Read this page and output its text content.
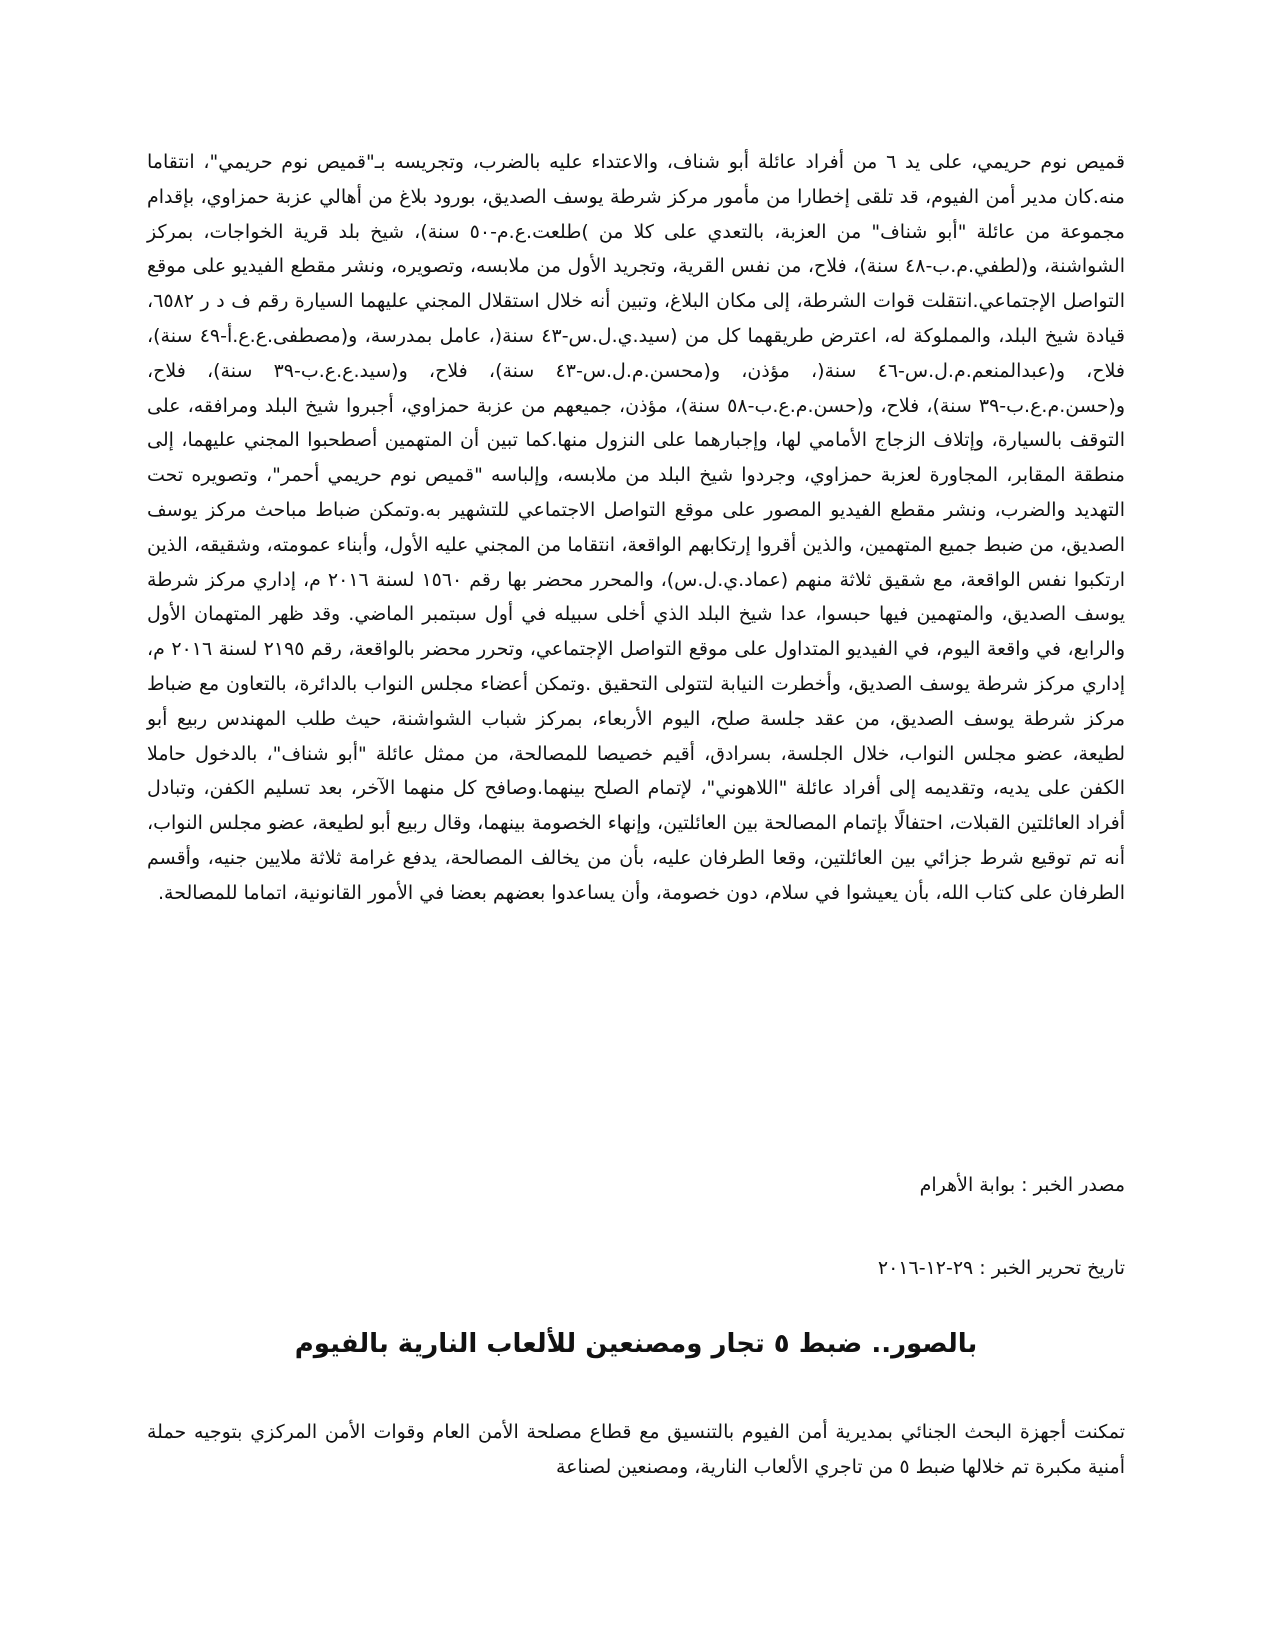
قميص نوم حريمي، على يد ٦ من أفراد عائلة أبو شناف، والاعتداء عليه بالضرب، وتجريسه بـ"قميص نوم حريمي"، انتقاما منه.كان مدير أمن الفيوم، قد تلقى إخطارا من مأمور مركز شرطة يوسف الصديق، بورود بلاغ من أهالي عزبة حمزاوي، بإقدام مجموعة من عائلة "أبو شناف" من العزبة، بالتعدي على كلا من )طلعت.ع.م-٥٠ سنة)، شيخ بلد قرية الخواجات، بمركز الشواشنة، و(لطفي.م.ب-٤٨ سنة)، فلاح، من نفس القرية، وتجريد الأول من ملابسه، وتصويره، ونشر مقطع الفيديو على موقع التواصل الإجتماعي.انتقلت قوات الشرطة، إلى مكان البلاغ، وتبين أنه خلال استقلال المجني عليهما السيارة رقم ف د ر ٦٥٨٢، قيادة شيخ البلد، والمملوكة له، اعترض طريقهما كل من (سيد.ي.ل.س-٤٣ سنة(، عامل بمدرسة، و(مصطفى.ع.ع.أ-٤٩ سنة)، فلاح، و(عبدالمنعم.م.ل.س-٤٦ سنة(، مؤذن، و(محسن.م.ل.س-٤٣ سنة)، فلاح، و(سيد.ع.ع.ب-٣٩ سنة)، فلاح، و(حسن.م.ع.ب-٣٩ سنة)، فلاح، و(حسن.م.ع.ب-٥٨ سنة)، مؤذن، جميعهم من عزبة حمزاوي، أجبروا شيخ البلد ومرافقه، على التوقف بالسيارة، وإتلاف الزجاج الأمامي لها، وإجبارهما على النزول منها.كما تبين أن المتهمين أصطحبوا المجني عليهما، إلى منطقة المقابر، المجاورة لعزبة حمزاوي، وجردوا شيخ البلد من ملابسه، وإلباسه "قميص نوم حريمي أحمر"، وتصويره تحت التهديد والضرب، ونشر مقطع الفيديو المصور على موقع التواصل الاجتماعي للتشهير به.وتمكن ضباط مباحث مركز يوسف الصديق، من ضبط جميع المتهمين، والذين أقروا إرتكابهم الواقعة، انتقاما من المجني عليه الأول، وأبناء عمومته، وشقيقه، الذين ارتكبوا نفس الواقعة، مع شقيق ثلاثة منهم (عماد.ي.ل.س)، والمحرر محضر بها رقم ١٥٦٠ لسنة ٢٠١٦ م، إداري مركز شرطة يوسف الصديق، والمتهمين فيها حبسوا، عدا شيخ البلد الذي أخلى سبيله في أول سبتمبر الماضي. وقد ظهر المتهمان الأول والرابع، في واقعة اليوم، في الفيديو المتداول على موقع التواصل الإجتماعي، وتحرر محضر بالواقعة، رقم ٢١٩٥ لسنة ٢٠١٦ م، إداري مركز شرطة يوسف الصديق، وأخطرت النيابة لتتولى التحقيق .وتمكن أعضاء مجلس النواب بالدائرة، بالتعاون مع ضباط مركز شرطة يوسف الصديق، من عقد جلسة صلح، اليوم الأربعاء، بمركز شباب الشواشنة، حيث طلب المهندس ربيع أبو لطيعة، عضو مجلس النواب، خلال الجلسة، بسرادق، أقيم خصيصا للمصالحة، من ممثل عائلة "أبو شناف"، بالدخول حاملا الكفن على يديه، وتقديمه إلى أفراد عائلة "اللاهوني"، لإتمام الصلح بينهما.وصافح كل منهما الآخر، بعد تسليم الكفن، وتبادل أفراد العائلتين القبلات، احتفالًا بإتمام المصالحة بين العائلتين، وإنهاء الخصومة بينهما، وقال ربيع أبو لطيعة، عضو مجلس النواب، أنه تم توقيع شرط جزائي بين العائلتين، وقعا الطرفان عليه، بأن من يخالف المصالحة، يدفع غرامة ثلاثة ملايين جنيه، وأقسم الطرفان على كتاب الله، بأن يعيشوا في سلام، دون خصومة، وأن يساعدوا بعضهم بعضا في الأمور القانونية، اتماما للمصالحة.

مصدر الخبر : بوابة الأهرام

تاريخ تحرير الخبر : ٢٩-١٢-٢٠١٦

بالصور.. ضبط ٥ تجار ومصنعين للألعاب النارية بالفيوم

تمكنت أجهزة البحث الجنائي بمديرية أمن الفيوم بالتنسيق مع قطاع مصلحة الأمن العام وقوات الأمن المركزي بتوجيه حملة أمنية مكبرة تم خلالها ضبط ٥ من تاجري الألعاب النارية، ومصنعين لصناعة
